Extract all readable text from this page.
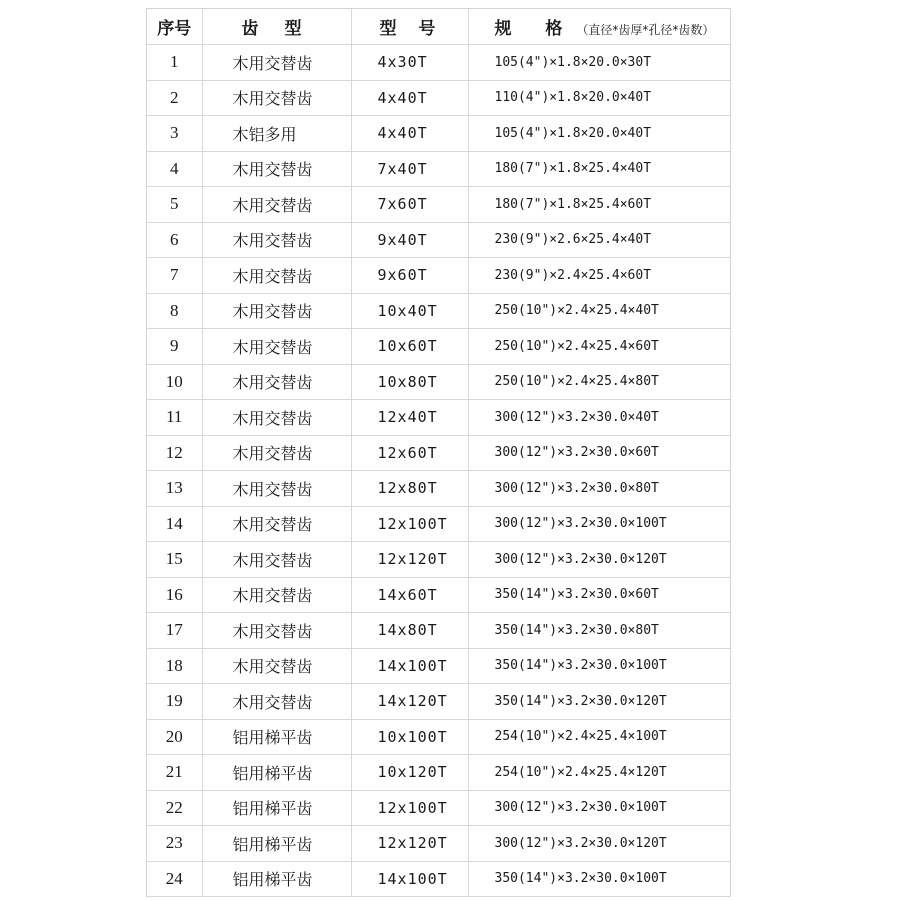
序号	齿 型	型 号	规 格（直径*齿厚*孔径*齿数）
1	木用交替齿	4x30T	105(4")×1.8×20.0×30T
2	木用交替齿	4x40T	110(4")×1.8×20.0×40T
3	木铝多用	4x40T	105(4")×1.8×20.0×40T
4	木用交替齿	7x40T	180(7")×1.8×25.4×40T
5	木用交替齿	7x60T	180(7")×1.8×25.4×60T
6	木用交替齿	9x40T	230(9")×2.6×25.4×40T
7	木用交替齿	9x60T	230(9")×2.4×25.4×60T
8	木用交替齿	10x40T	250(10")×2.4×25.4×40T
9	木用交替齿	10x60T	250(10")×2.4×25.4×60T
10	木用交替齿	10x80T	250(10")×2.4×25.4×80T
11	木用交替齿	12x40T	300(12")×3.2×30.0×40T
12	木用交替齿	12x60T	300(12")×3.2×30.0×60T
13	木用交替齿	12x80T	300(12")×3.2×30.0×80T
14	木用交替齿	12x100T	300(12")×3.2×30.0×100T
15	木用交替齿	12x120T	300(12")×3.2×30.0×120T
16	木用交替齿	14x60T	350(14")×3.2×30.0×60T
17	木用交替齿	14x80T	350(14")×3.2×30.0×80T
18	木用交替齿	14x100T	350(14")×3.2×30.0×100T
19	木用交替齿	14x120T	350(14")×3.2×30.0×120T
20	铝用梯平齿	10x100T	254(10")×2.4×25.4×100T
21	铝用梯平齿	10x120T	254(10")×2.4×25.4×120T
22	铝用梯平齿	12x100T	300(12")×3.2×30.0×100T
23	铝用梯平齿	12x120T	300(12")×3.2×30.0×120T
24	铝用梯平齿	14x100T	350(14")×3.2×30.0×100T
